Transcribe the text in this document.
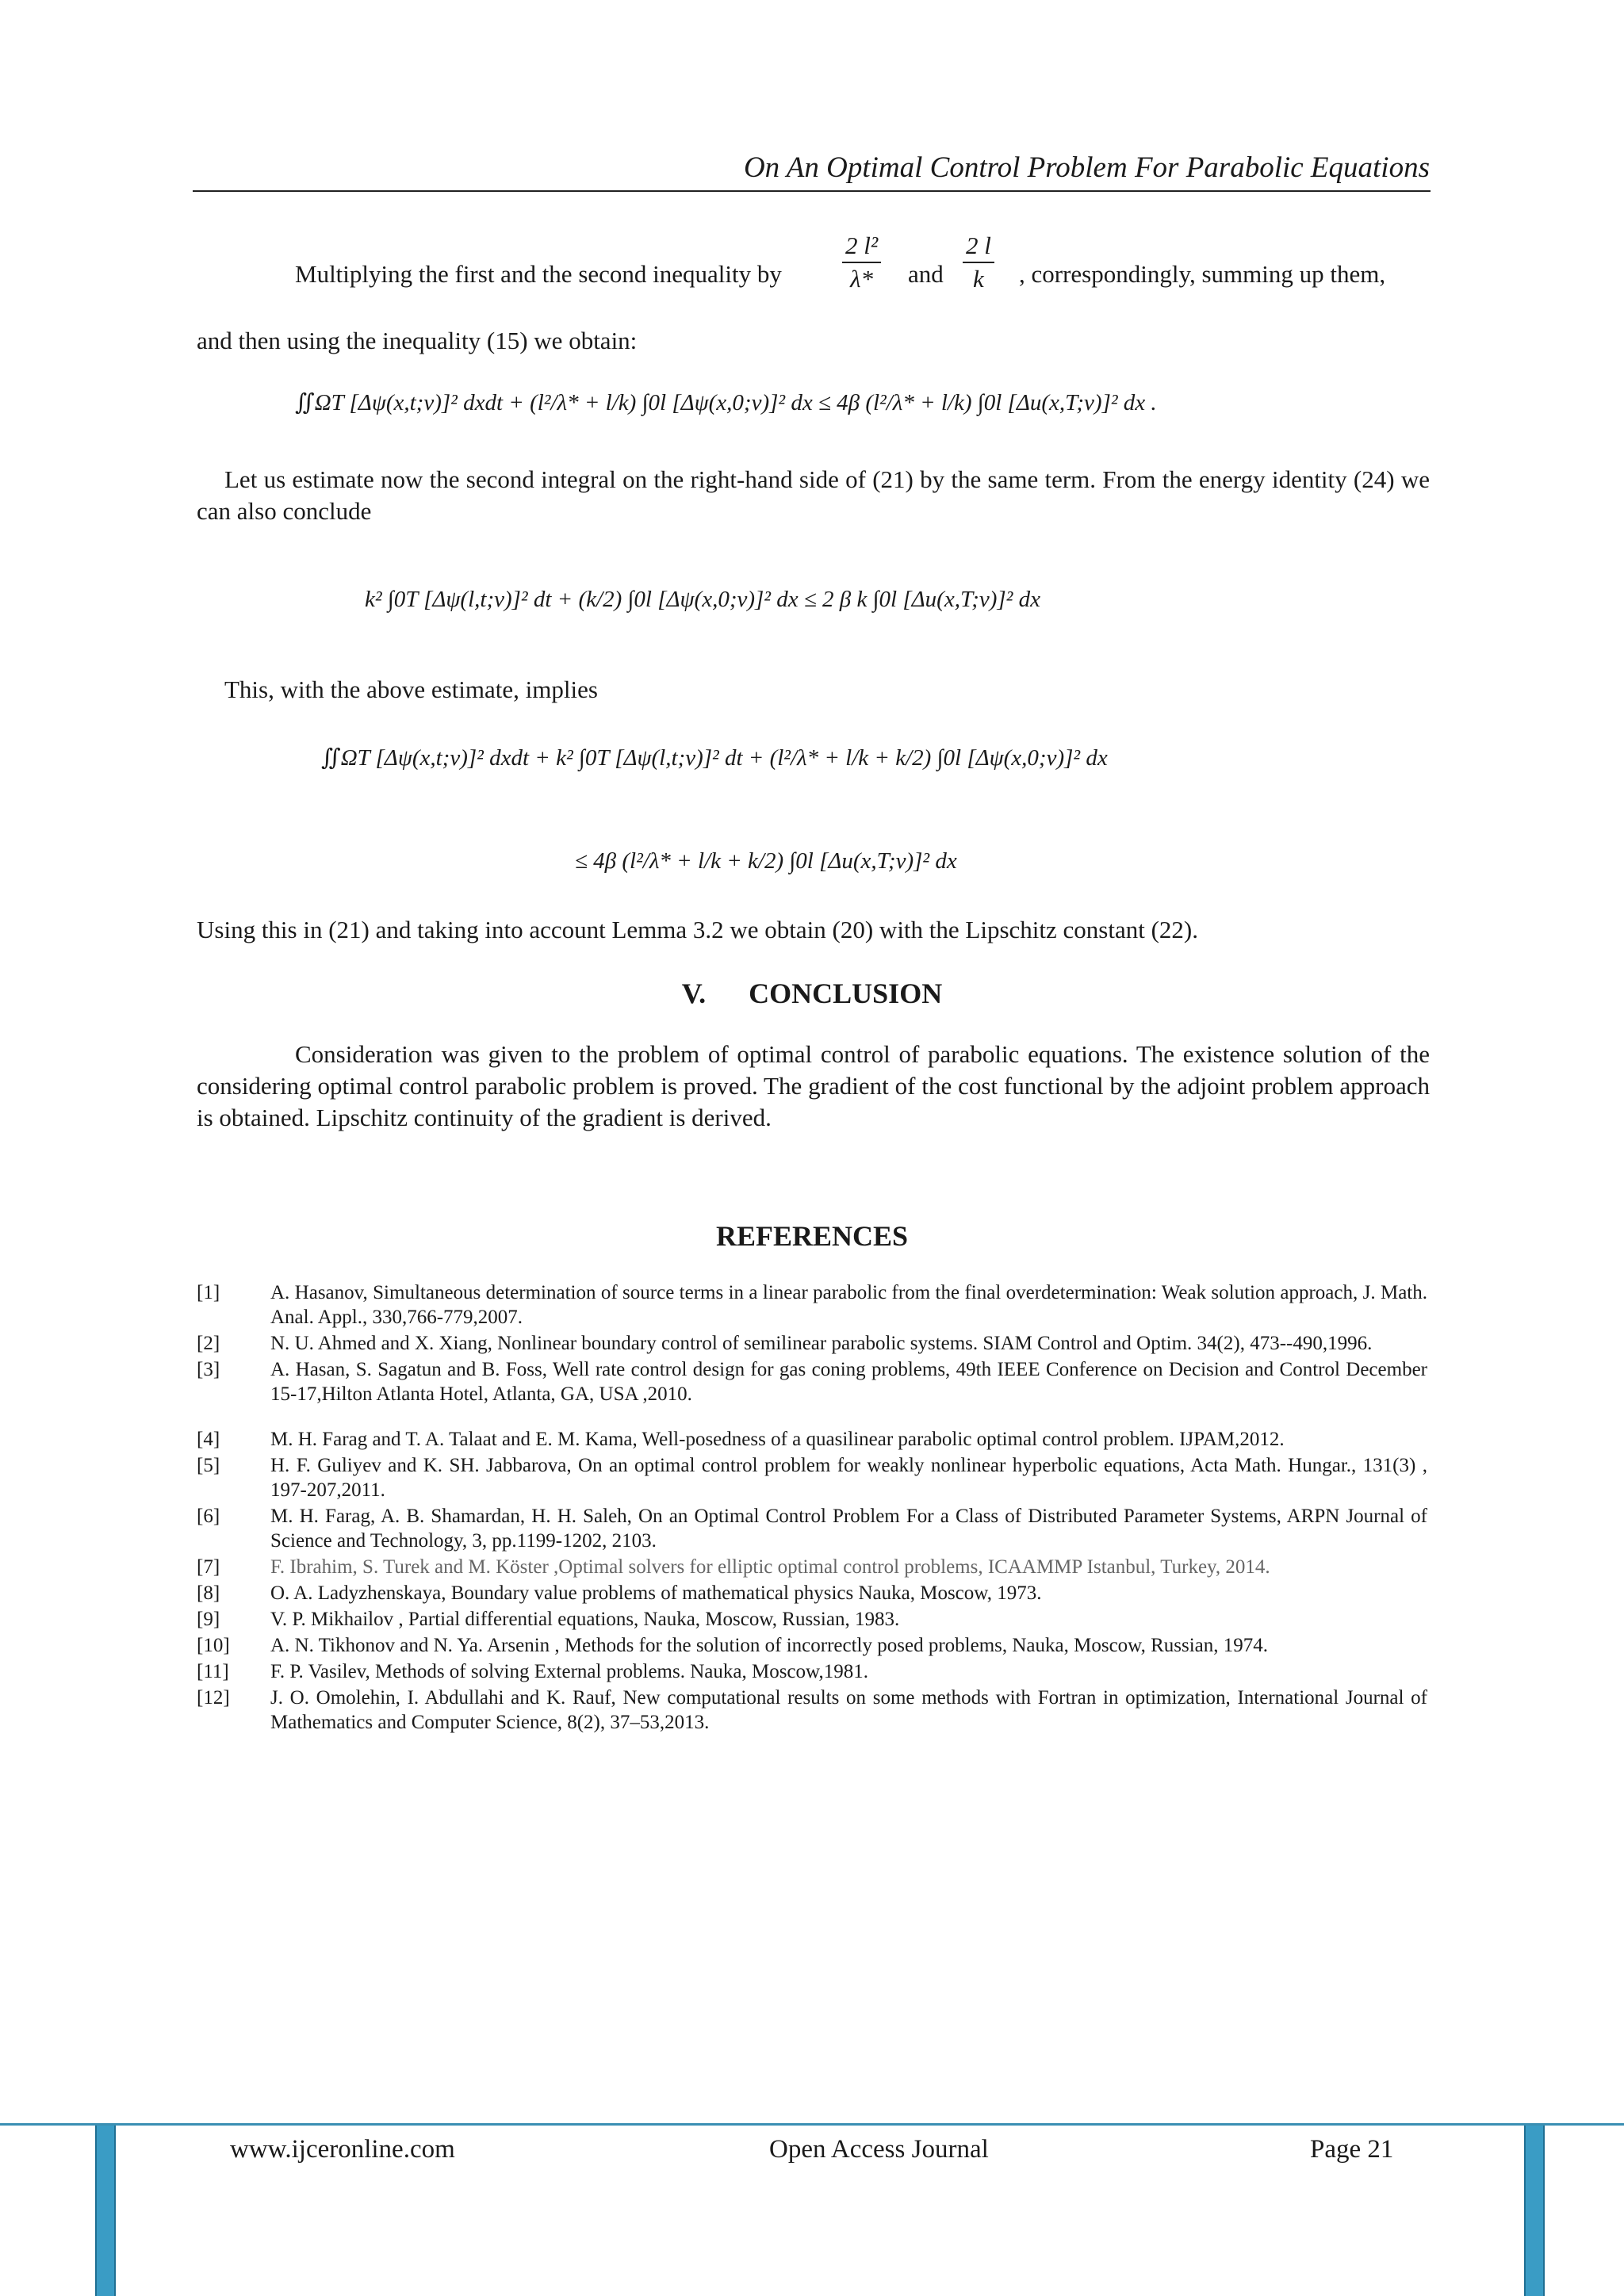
On An Optimal Control Problem For Parabolic Equations
Multiplying the first and the second inequality by $\frac{\text{2 l²}}{\lambda*}$ and $\frac{2 l}{k}$ , correspondingly, summing up them,
and then using the inequality (15) we obtain:
∬ΩT [Δψ(x,t;v)]² dxdt + (l²/λ* + l/k) ∫0l [Δψ(x,0;v)]² dx ≤ 4β (l²/λ* + l/k) ∫0l [Δu(x,T;v)]² dx .
Let us estimate now the second integral on the right-hand side of (21) by the same term. From the energy identity (24) we can also conclude
k² ∫0T [Δψ(l,t;v)]² dt + (k/2) ∫0l [Δψ(x,0;v)]² dx ≤ 2 β k ∫0l [Δu(x,T;v)]² dx
This, with the above estimate, implies
∬ΩT [Δψ(x,t;v)]² dxdt + k² ∫0T [Δψ(l,t;v)]² dt + (l²/λ* + l/k + k/2) ∫0l [Δψ(x,0;v)]² dx
≤ 4β (l²/λ* + l/k + k/2) ∫0l [Δu(x,T;v)]² dx
Using this in (21) and taking into account Lemma 3.2 we obtain (20) with the Lipschitz constant (22).
V.      CONCLUSION
Consideration was given to the problem of optimal control of parabolic equations. The existence solution of the considering optimal control parabolic problem is proved. The gradient of the cost functional by the adjoint problem approach is obtained. Lipschitz continuity of the gradient is derived.
REFERENCES
[1]	A. Hasanov, Simultaneous determination of source terms in a linear parabolic from the final overdetermination: Weak solution approach, J. Math. Anal. Appl., 330,766-779,2007.
[2]	N. U. Ahmed and X. Xiang, Nonlinear boundary control of semilinear parabolic systems. SIAM Control and Optim. 34(2), 473--490,1996.
[3]	A. Hasan, S. Sagatun and B. Foss, Well rate control design for gas coning problems, 49th IEEE Conference on Decision and Control December 15-17,Hilton Atlanta Hotel, Atlanta, GA, USA ,2010.
[4]	M. H. Farag and T. A. Talaat and E. M. Kama, Well-posedness of a quasilinear parabolic optimal control problem. IJPAM,2012.
[5]	H. F. Guliyev and K. SH. Jabbarova, On an optimal control problem for weakly nonlinear hyperbolic equations, Acta Math. Hungar., 131(3) , 197-207,2011.
[6]	M. H. Farag, A. B. Shamardan, H. H. Saleh, On an Optimal Control Problem For a Class of Distributed Parameter Systems, ARPN Journal of Science and Technology, 3, pp.1199-1202, 2103.
[7]	F. Ibrahim, S. Turek and M. Köster ,Optimal solvers for elliptic optimal control problems, ICAAMMP Istanbul, Turkey, 2014.
[8]	O. A. Ladyzhenskaya, Boundary value problems of mathematical physics Nauka, Moscow, 1973.
[9]	V. P. Mikhailov , Partial differential equations, Nauka, Moscow, Russian, 1983.
[10]	A. N. Tikhonov and N. Ya. Arsenin , Methods for the solution of incorrectly posed problems, Nauka, Moscow, Russian, 1974.
[11]	F. P. Vasilev, Methods of solving External problems. Nauka, Moscow,1981.
[12]	J. O. Omolehin, I. Abdullahi and K. Rauf, New computational results on some methods with Fortran in optimization, International Journal of Mathematics and Computer Science, 8(2), 37–53,2013.
www.ijceronline.com	Open Access Journal	Page 21
